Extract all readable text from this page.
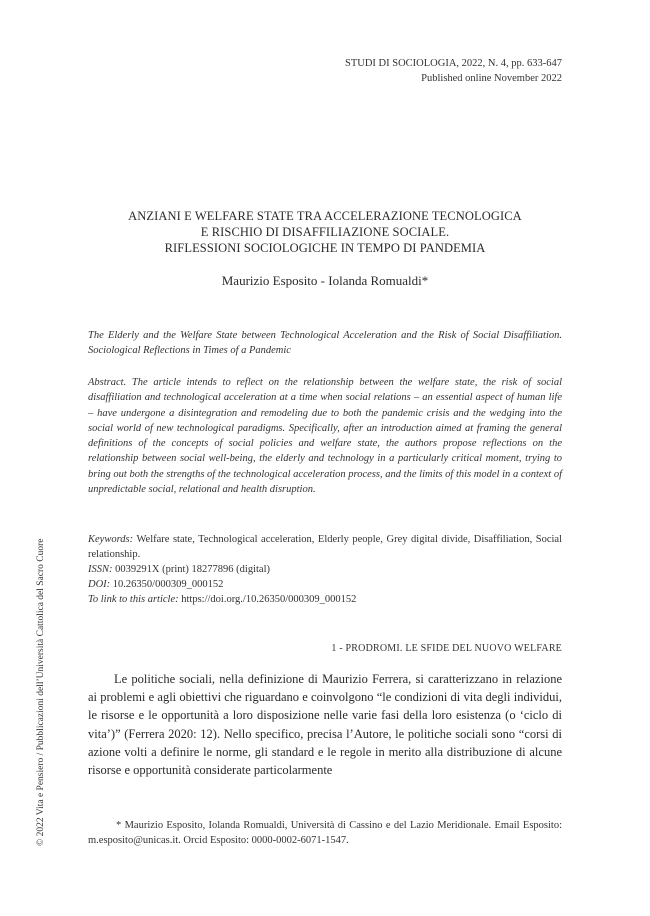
STUDI DI SOCIOLOGIA, 2022, N. 4, pp. 633-647
Published online November 2022
ANZIANI E WELFARE STATE TRA ACCELERAZIONE TECNOLOGICA
E RISCHIO DI DISAFFILIAZIONE SOCIALE.
RIFLESSIONI SOCIOLOGICHE IN TEMPO DI PANDEMIA
Maurizio Esposito - Iolanda Romualdi*
The Elderly and the Welfare State between Technological Acceleration and the Risk of Social Disaffiliation. Sociological Reflections in Times of a Pandemic
Abstract. The article intends to reflect on the relationship between the welfare state, the risk of social disaffiliation and technological acceleration at a time when social relations – an essential aspect of human life – have undergone a disintegration and remodeling due to both the pandemic crisis and the wedging into the social world of new technological paradigms. Specifically, after an introduction aimed at framing the general definitions of the concepts of social policies and welfare state, the authors propose reflections on the relationship between social well-being, the elderly and technology in a particularly critical moment, trying to bring out both the strengths of the technological acceleration process, and the limits of this model in a context of unpredictable social, relational and health disruption.
Keywords: Welfare state, Technological acceleration, Elderly people, Grey digital divide, Disaffiliation, Social relationship.
ISSN: 0039291X (print) 18277896 (digital)
DOI: 10.26350/000309_000152
To link to this article: https://doi.org./10.26350/000309_000152
1 - PRODROMI. LE SFIDE DEL NUOVO WELFARE
Le politiche sociali, nella definizione di Maurizio Ferrera, si caratterizzano in relazione ai problemi e agli obiettivi che riguardano e coinvolgono “le condizioni di vita degli individui, le risorse e le opportunità a loro disposizione nelle varie fasi della loro esistenza (o ‘ciclo di vita’)” (Ferrera 2020: 12). Nello specifico, precisa l’Autore, le politiche sociali sono “corsi di azione volti a definire le norme, gli standard e le regole in merito alla distribuzione di alcune risorse e opportunità considerate particolarmente
* Maurizio Esposito, Iolanda Romualdi, Università di Cassino e del Lazio Meridionale. Email Esposito: m.esposito@unicas.it. Orcid Esposito: 0000-0002-6071-1547.
© 2022 Vita e Pensiero / Pubblicazioni dell’Università Cattolica del Sacro Cuore
